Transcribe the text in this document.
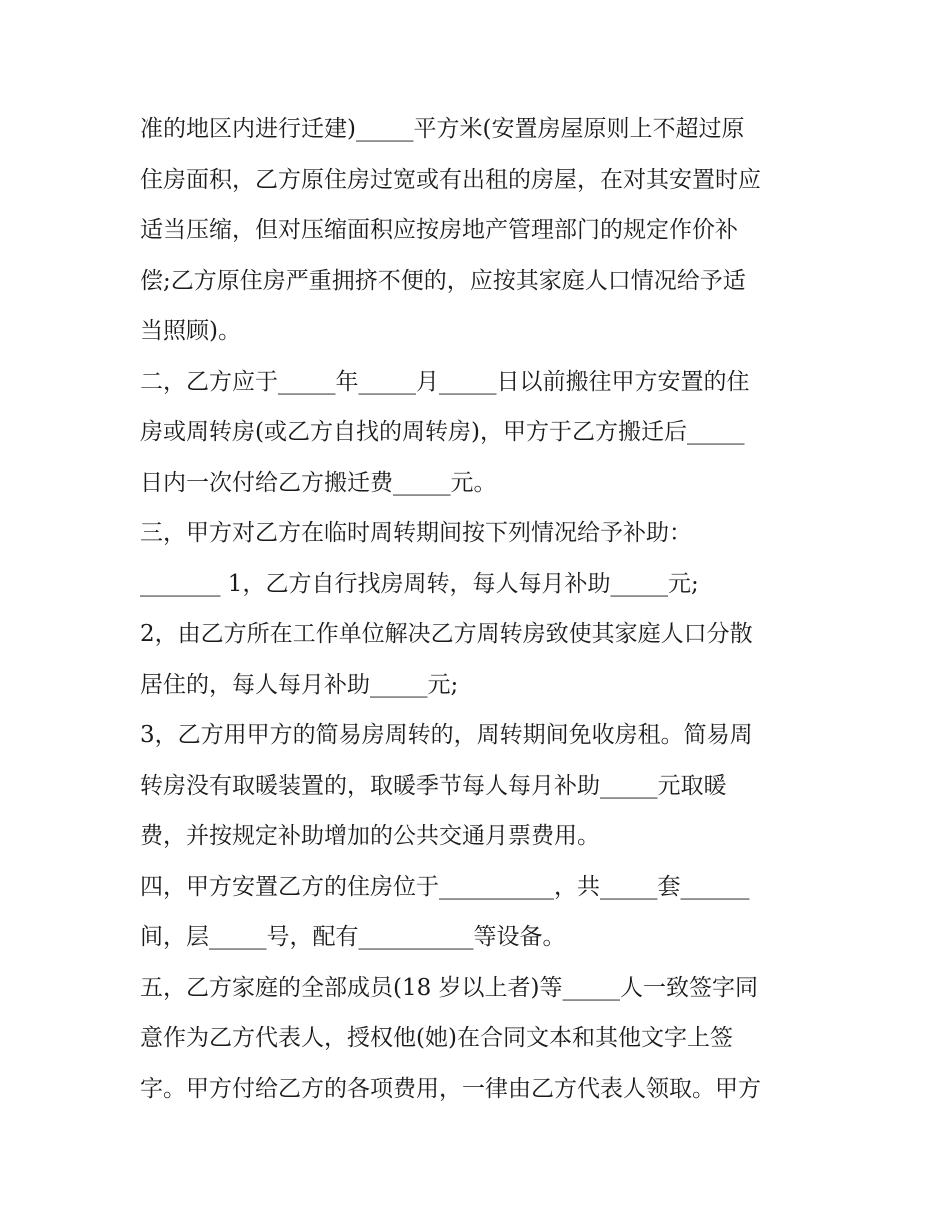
准的地区内进行迁建)_____平方米(安置房屋原则上不超过原
住房面积，乙方原住房过宽或有出租的房屋，在对其安置时应
适当压缩，但对压缩面积应按房地产管理部门的规定作价补
偿;乙方原住房严重拥挤不便的，应按其家庭人口情况给予适
当照顾)。
二，乙方应于_____年_____月_____日以前搬往甲方安置的住
房或周转房(或乙方自找的周转房)，甲方于乙方搬迁后_____
日内一次付给乙方搬迁费_____元。
三，甲方对乙方在临时周转期间按下列情况给予补助：
_______ 1，乙方自行找房周转，每人每月补助_____元;
2，由乙方所在工作单位解决乙方周转房致使其家庭人口分散
居住的，每人每月补助_____元;
3，乙方用甲方的简易房周转的，周转期间免收房租。简易周
转房没有取暖装置的，取暖季节每人每月补助_____元取暖
费，并按规定补助增加的公共交通月票费用。
四，甲方安置乙方的住房位于__________，共_____套______
间，层_____号，配有__________等设备。
五，乙方家庭的全部成员(18 岁以上者)等_____人一致签字同
意作为乙方代表人，授权他(她)在合同文本和其他文字上签
字。甲方付给乙方的各项费用，一律由乙方代表人领取。甲方
